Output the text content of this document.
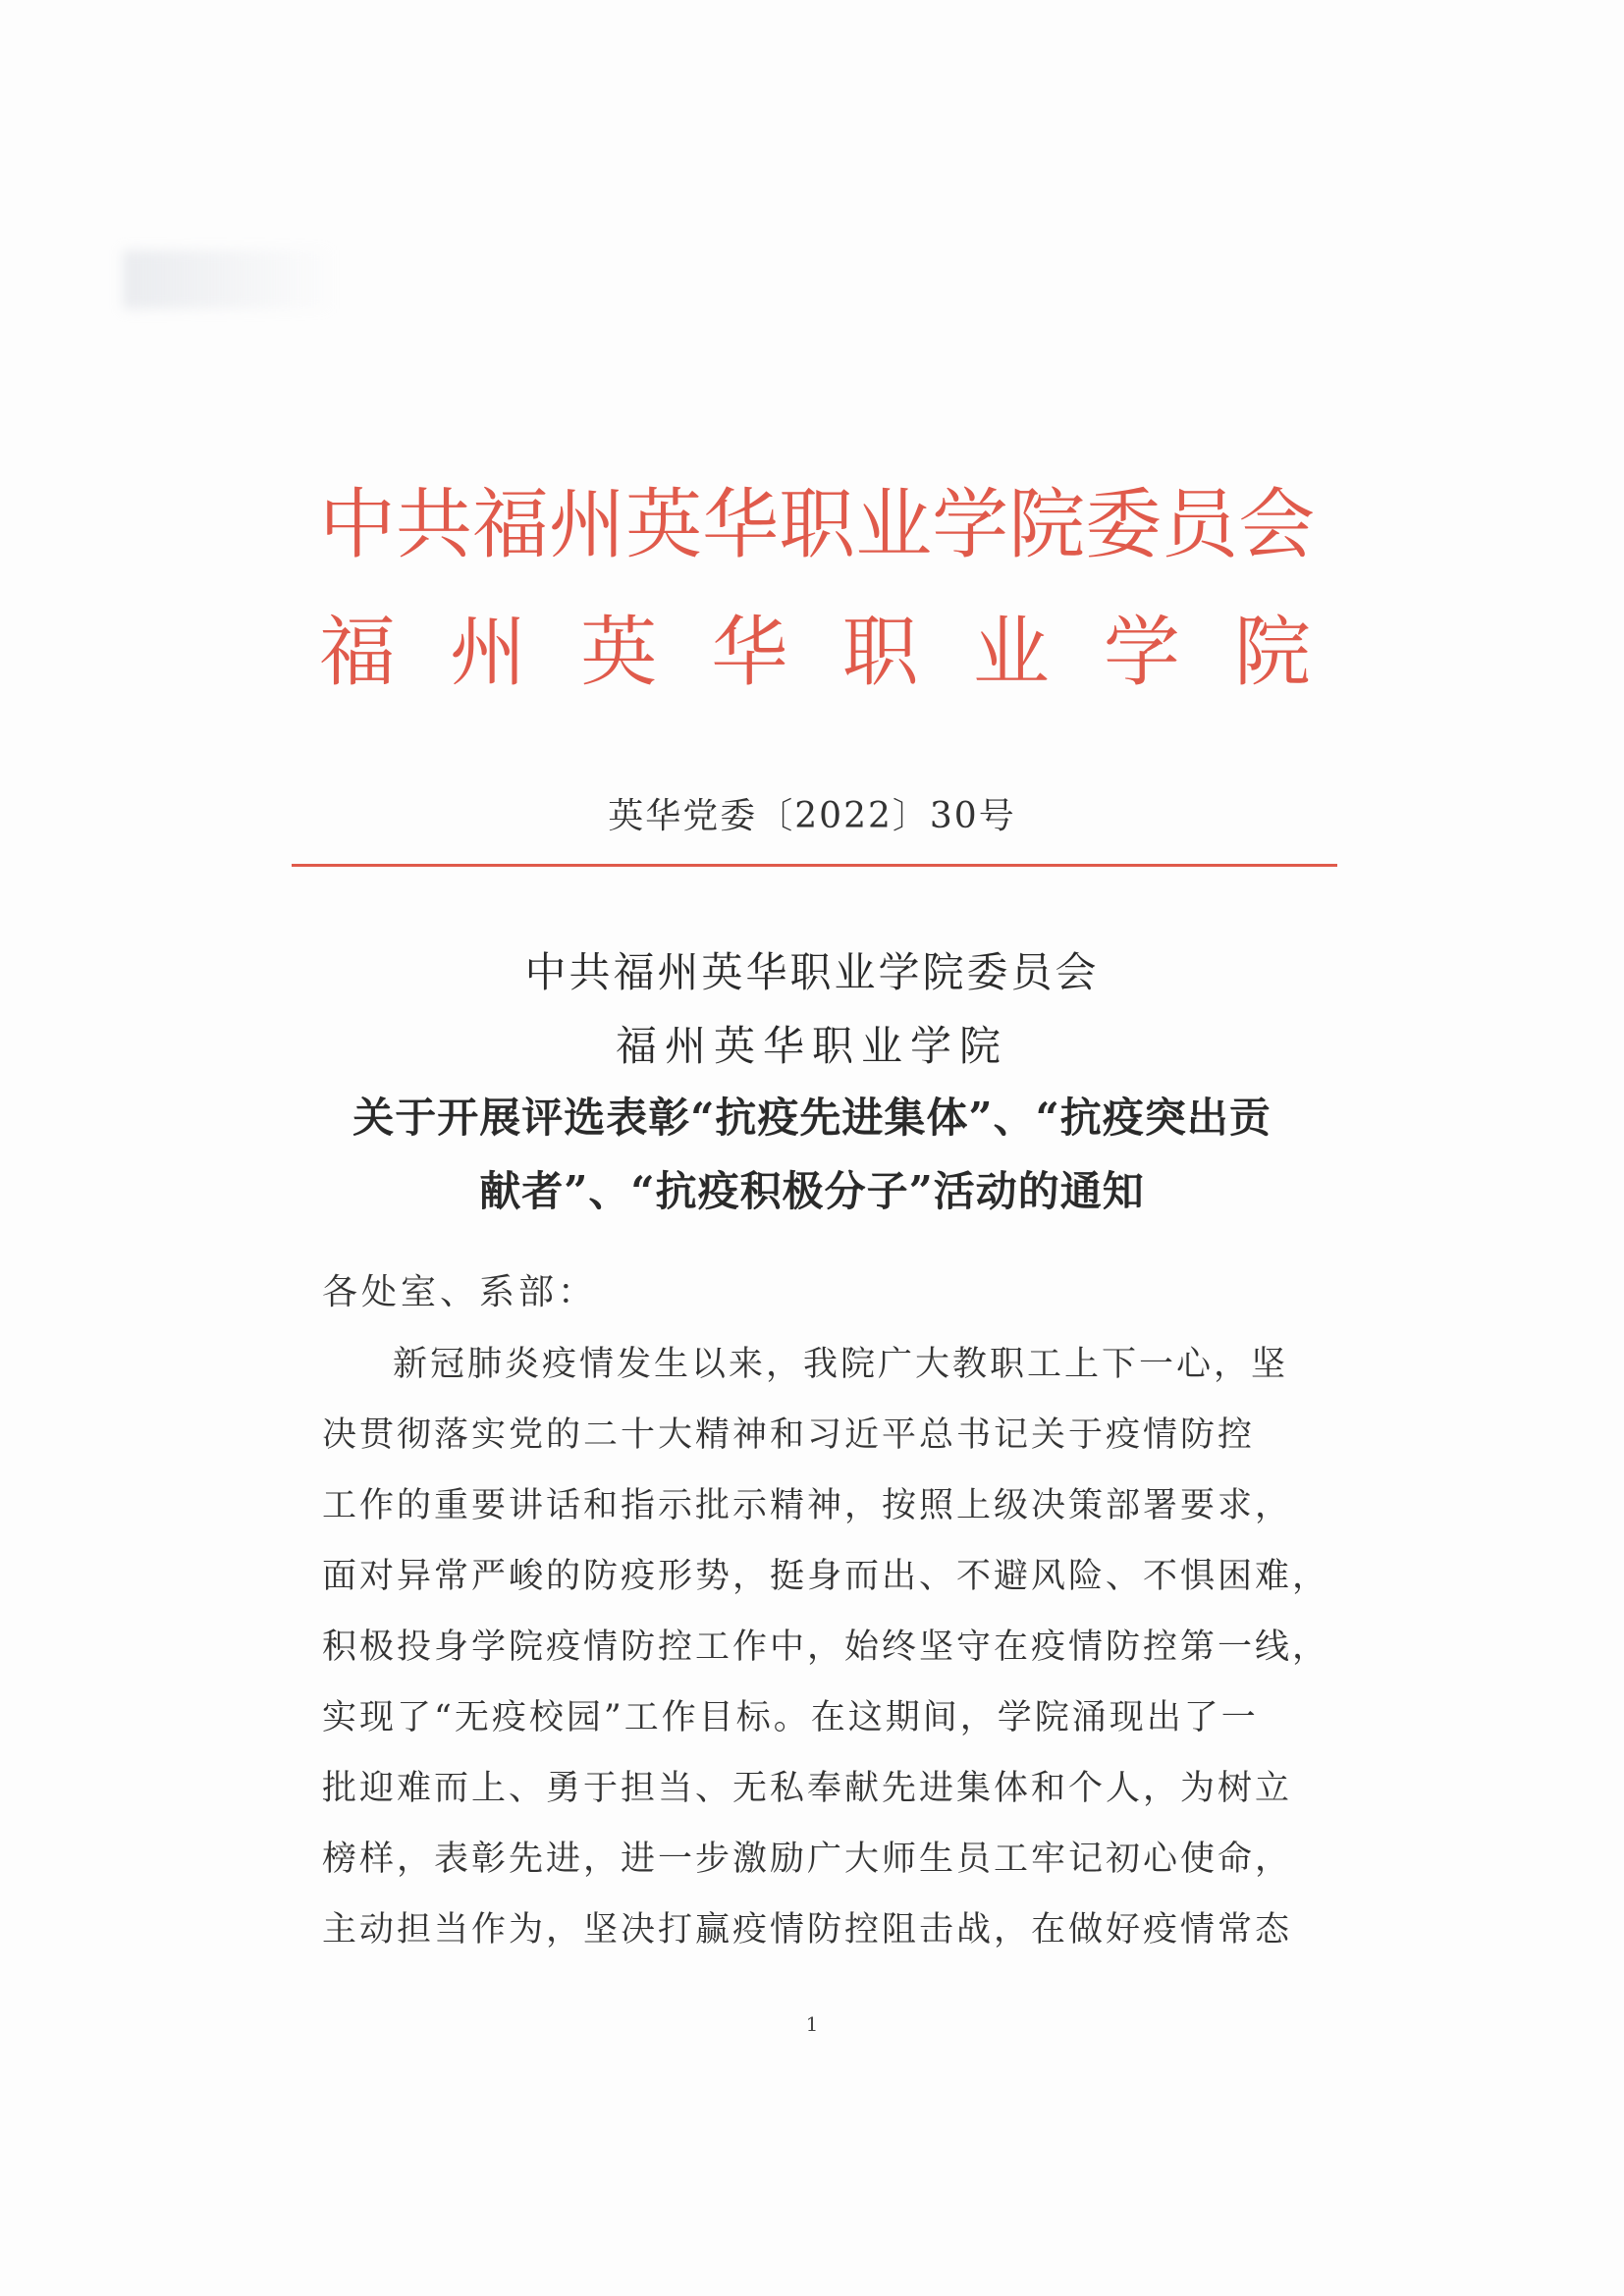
中 共 福 州 英 华 职 业 学 院 委 员 会
福 州 英 华 职 业 学 院
英华党委〔2022〕30号
中共福州英华职业学院委员会
福州英华职业学院
关于开展评选表彰“抗疫先进集体”、“抗疫突出贡
献者”、“抗疫积极分子”活动的通知
各处室、系部：
新冠肺炎疫情发生以来，我院广大教职工上下一心，坚
决贯彻落实党的二十大精神和习近平总书记关于疫情防控
工作的重要讲话和指示批示精神，按照上级决策部署要求，
面对异常严峻的防疫形势，挺身而出、不避风险、不惧困难，
积极投身学院疫情防控工作中，始终坚守在疫情防控第一线，
实现了“无疫校园”工作目标。在这期间，学院涌现出了一
批迎难而上、勇于担当、无私奉献先进集体和个人，为树立
榜样，表彰先进，进一步激励广大师生员工牢记初心使命，
主动担当作为，坚决打赢疫情防控阻击战，在做好疫情常态
1
